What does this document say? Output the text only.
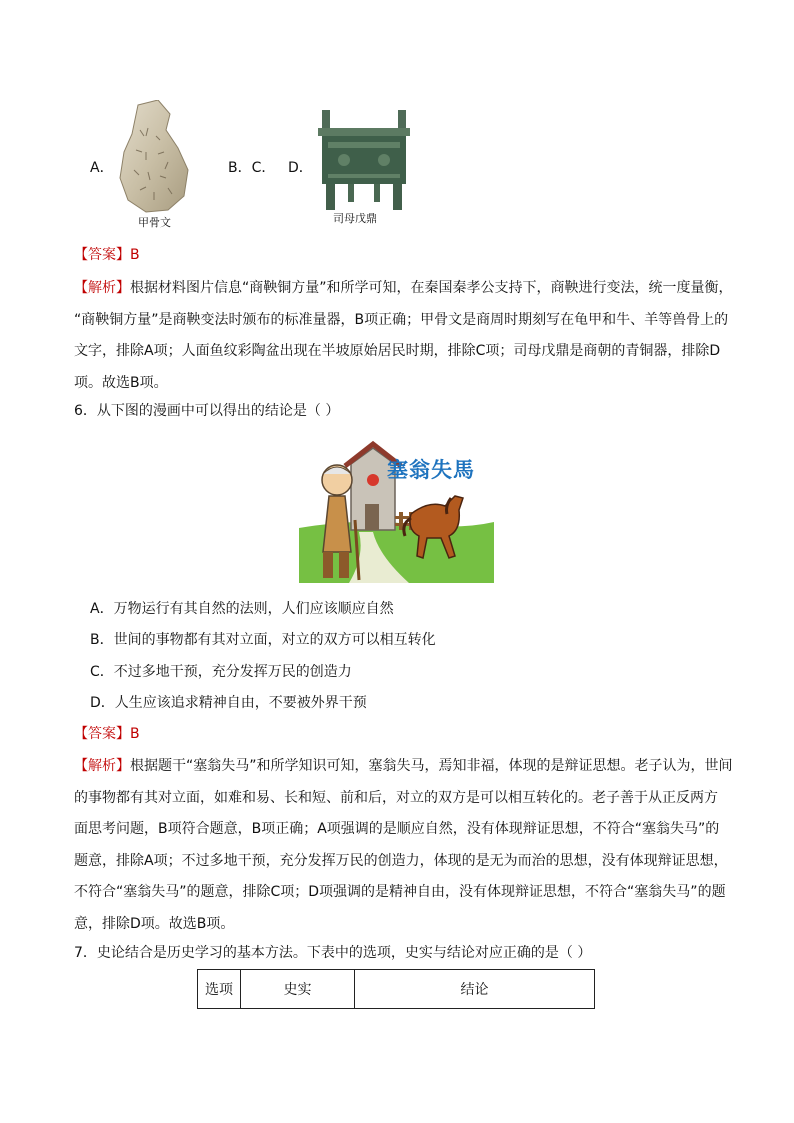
A．
甲骨文
B．C． D．
司母戊鼎
【答案】B
【解析】根据材料图片信息“商鞅铜方量”和所学可知，在秦国秦孝公支持下，商鞅进行变法，统一度量衡，
“商鞅铜方量”是商鞅变法时颁布的标准量器，B项正确；甲骨文是商周时期刻写在龟甲和牛、羊等兽骨上的
文字，排除A项；人面鱼纹彩陶盆出现在半坡原始居民时期，排除C项；司母戊鼎是商朝的青铜器，排除D
项。故选B项。
6．从下图的漫画中可以得出的结论是（ ）
塞翁失馬
A．万物运行有其自然的法则，人们应该顺应自然
B．世间的事物都有其对立面，对立的双方可以相互转化
C．不过多地干预，充分发挥万民的创造力
D．人生应该追求精神自由，不要被外界干预
【答案】B
【解析】根据题干“塞翁失马”和所学知识可知，塞翁失马，焉知非福，体现的是辩证思想。老子认为，世间
的事物都有其对立面，如难和易、长和短、前和后，对立的双方是可以相互转化的。老子善于从正反两方
面思考问题，B项符合题意，B项正确；A项强调的是顺应自然，没有体现辩证思想，不符合“塞翁失马”的
题意，排除A项；不过多地干预，充分发挥万民的创造力，体现的是无为而治的思想，没有体现辩证思想，
不符合“塞翁失马”的题意，排除C项；D项强调的是精神自由，没有体现辩证思想，不符合“塞翁失马”的题
意，排除D项。故选B项。
7．史论结合是历史学习的基本方法。下表中的选项，史实与结论对应正确的是（ ）
选项	史实	结论
